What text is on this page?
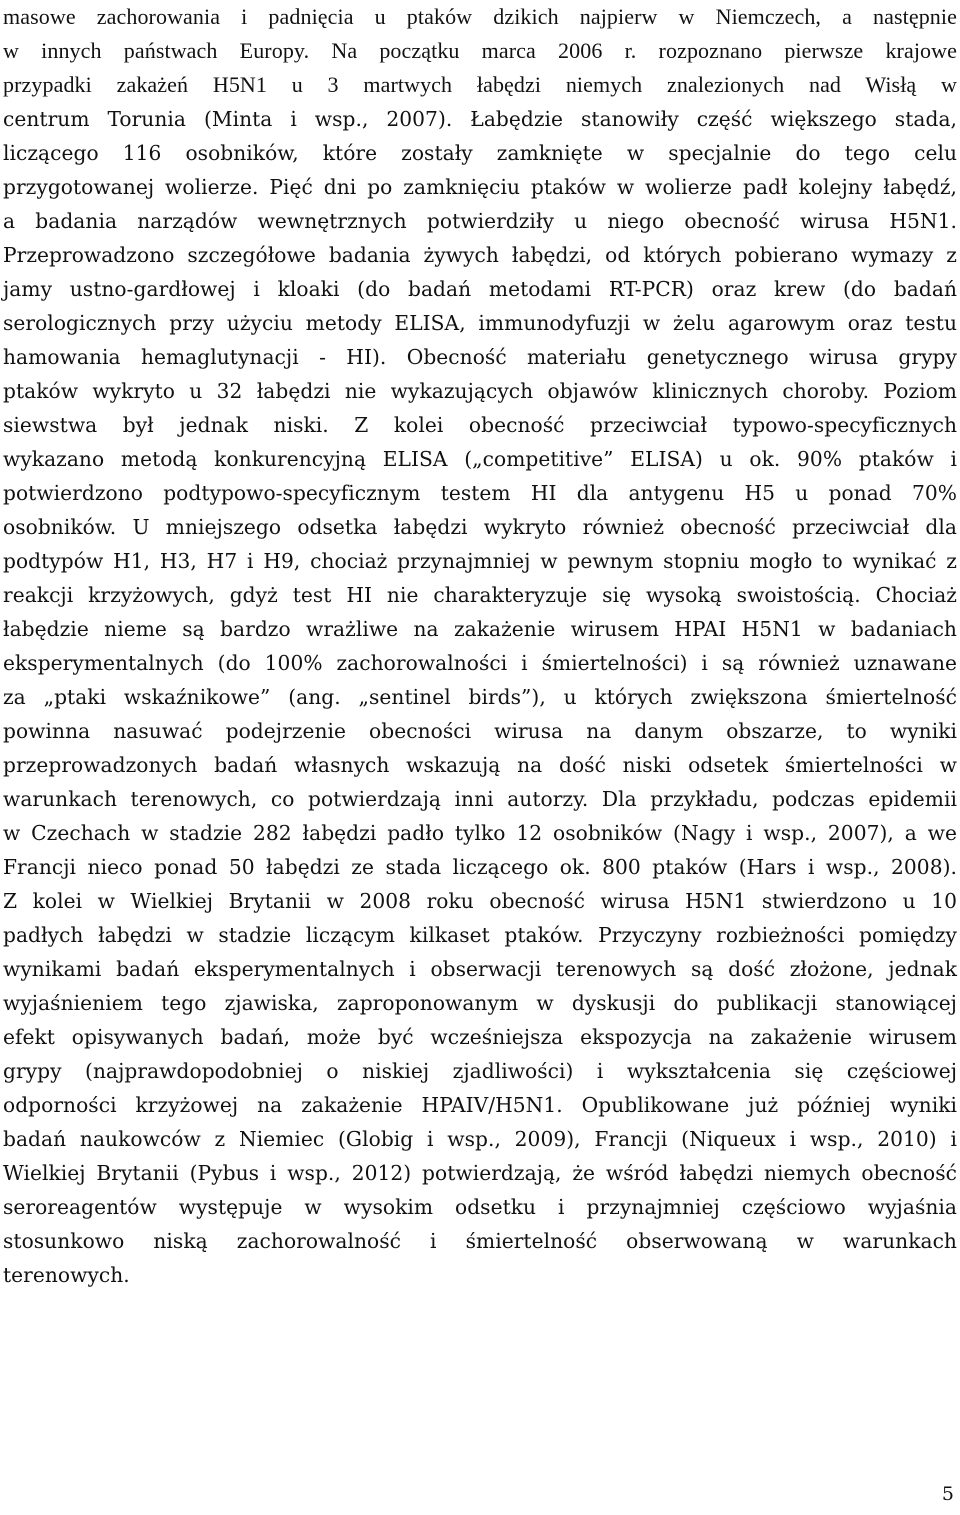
masowe zachorowania i padnięcia u ptaków dzikich najpierw w Niemczech, a następnie
w innych państwach Europy. Na początku marca 2006 r. rozpoznano pierwsze krajowe
przypadki zakażeń H5N1 u 3 martwych łabędzi niemych znalezionych nad Wisłą w
centrum Torunia (Minta i wsp., 2007). Łabędzie stanowiły część większego stada,
liczącego 116 osobników, które zostały zamknięte w specjalnie do tego celu
przygotowanej wolierze. Pięć dni po zamknięciu ptaków w wolierze padł kolejny łabędź,
a badania narządów wewnętrznych potwierdziły u niego obecność wirusa H5N1.
Przeprowadzono szczegółowe badania żywych łabędzi, od których pobierano wymazy z
jamy ustno-gardłowej i kloaki (do badań metodami RT-PCR) oraz krew (do badań
serologicznych przy użyciu metody ELISA, immunodyfuzji w żelu agarowym oraz testu
hamowania hemaglutynacji - HI). Obecność materiału genetycznego wirusa grypy
ptaków wykryto u 32 łabędzi nie wykazujących objawów klinicznych choroby. Poziom
siewstwa był jednak niski. Z kolei obecność przeciwciał typowo-specyficznych
wykazano metodą konkurencyjną ELISA („competitive” ELISA) u ok. 90% ptaków i
potwierdzono podtypowo-specyficznym testem HI dla antygenu H5 u ponad 70%
osobników. U mniejszego odsetka łabędzi wykryto również obecność przeciwciał dla
podtypów H1, H3, H7 i H9, chociaż przynajmniej w pewnym stopniu mogło to wynikać z
reakcji krzyżowych, gdyż test HI nie charakteryzuje się wysoką swoistością. Chociaż
łabędzie nieme są bardzo wrażliwe na zakażenie wirusem HPAI H5N1 w badaniach
eksperymentalnych (do 100% zachorowalności i śmiertelności) i są również uznawane
za „ptaki wskaźnikowe” (ang. „sentinel birds”), u których zwiększona śmiertelność
powinna nasuwać podejrzenie obecności wirusa na danym obszarze, to wyniki
przeprowadzonych badań własnych wskazują na dość niski odsetek śmiertelności w
warunkach terenowych, co potwierdzają inni autorzy. Dla przykładu, podczas epidemii
w Czechach w stadzie 282 łabędzi padło tylko 12 osobników (Nagy i wsp., 2007), a we
Francji nieco ponad 50 łabędzi ze stada liczącego ok. 800 ptaków (Hars i wsp., 2008).
Z kolei w Wielkiej Brytanii w 2008 roku obecność wirusa H5N1 stwierdzono u 10
padłych łabędzi w stadzie liczącym kilkaset ptaków. Przyczyny rozbieżności pomiędzy
wynikami badań eksperymentalnych i obserwacji terenowych są dość złożone, jednak
wyjaśnieniem tego zjawiska, zaproponowanym w dyskusji do publikacji stanowiącej
efekt opisywanych badań, może być wcześniejsza ekspozycja na zakażenie wirusem
grypy (najprawdopodobniej o niskiej zjadliwości) i wykształcenia się częściowej
odporności krzyżowej na zakażenie HPAIV/H5N1. Opublikowane już później wyniki
badań naukowców z Niemiec (Globig i wsp., 2009), Francji (Niqueux i wsp., 2010) i
Wielkiej Brytanii (Pybus i wsp., 2012) potwierdzają, że wśród łabędzi niemych obecność
seroreagentów występuje w wysokim odsetku i przynajmniej częściowo wyjaśnia
stosunkowo niską zachorowalność i śmiertelność obserwowaną w warunkach
terenowych.
5
